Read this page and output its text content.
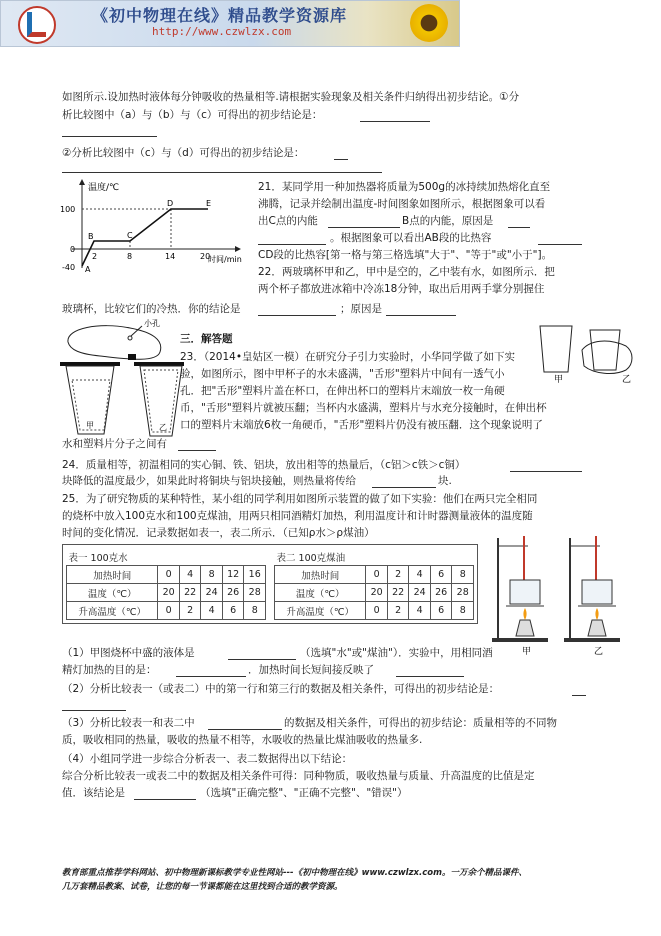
《初中物理在线》精品教学资源库
http://www.czwlzx.com
如图所示.设加热时液体每分钟吸收的热量相等.请根据实验现象及相关条件归纳得出初步结论。①分
析比较图中（a）与（b）与（c）可得出的初步结论是：
②分析比较图中（c）与（d）可得出的初步结论是：
温度/℃
时间/min
100
0
-40
2	8	14	20
A
B	C
D	E
21．某同学用一种加热器将质量为500g的冰持续加热熔化直至
沸腾，记录并绘制出温度-时间图象如图所示，根据图象可以看
出C点的内能	B点的内能，原因是
。根据图象可以看出AB段的比热容
CD段的比热容[第一格与第三格选填"大于"、"等于"或"小于"]。
22．两玻璃杯甲和乙，甲中是空的，乙中装有水，如图所示．把
两个杯子都放进冰箱中冷冻18分钟，取出后用两手掌分别握住
玻璃杯，比较它们的冷热．你的结论是	；原因是
小孔
甲	乙
甲	乙
三．解答题
23．（2014•皇姑区一模）在研究分子引力实验时，小华同学做了如下实
验，如图所示，图中甲杯子的水未盛满，"舌形"塑料片中间有一透气小
孔．把"舌形"塑料片盖在杯口，在伸出杯口的塑料片末端放一枚一角硬
币，"舌形"塑料片就被压翻；当杯内水盛满，塑料片与水充分接触时，在伸出杯
口的塑料片末端放6枚一角硬币，"舌形"塑料片仍没有被压翻．这个现象说明了
水和塑料片分子之间有
24．质量相等，初温相同的实心铜、铁、铝块，放出相等的热量后，（c铝＞c铁＞c铜）
块降低的温度最少，如果此时将铜块与铝块接触，则热量将传给	块.
25．为了研究物质的某种特性，某小组的同学利用如图所示装置的做了如下实验：他们在两只完全相同
的烧杯中放入100克水和100克煤油，用两只相同酒精灯加热，利用温度计和计时器测量液体的温度随
时间的变化情况．记录数据如表一，表二所示．（已知ρ水＞ρ煤油）
表一 100克水					
加热时间	0	4	8	12	16
温度（℃）	20	22	24	26	28
升高温度（℃）	0	2	4	6	8
表二 100克煤油					
加热时间	0	2	4	6	8
温度（℃）	20	22	24	26	28
升高温度（℃）	0	2	4	6	8
甲	乙
（1）甲图烧杯中盛的液体是	（选填"水"或"煤油"）．实验中，用相同酒
精灯加热的目的是：	．加热时间长短间接反映了
（2）分析比较表一（或表二）中的第一行和第三行的数据及相关条件，可得出的初步结论是：
（3）分析比较表一和表二中	的数据及相关条件，可得出的初步结论：质量相等的不同物
质，吸收相同的热量，吸收的热量不相等，水吸收的热量比煤油吸收的热量多.
（4）小组同学进一步综合分析表一、表二数据得出以下结论：
综合分析比较表一或表二中的数据及相关条件可得：同种物质，吸收热量与质量、升高温度的比值是定
值．该结论是	（选填"正确完整"、"正确不完整"、"错误"）
教育部重点推荐学科网站、初中物理新课标教学专业性网站---《初中物理在线》www.czwlzx.com。一万余个精品课件、
几万套精品教案、试卷，让您的每一节课都能在这里找到合适的教学资源。
